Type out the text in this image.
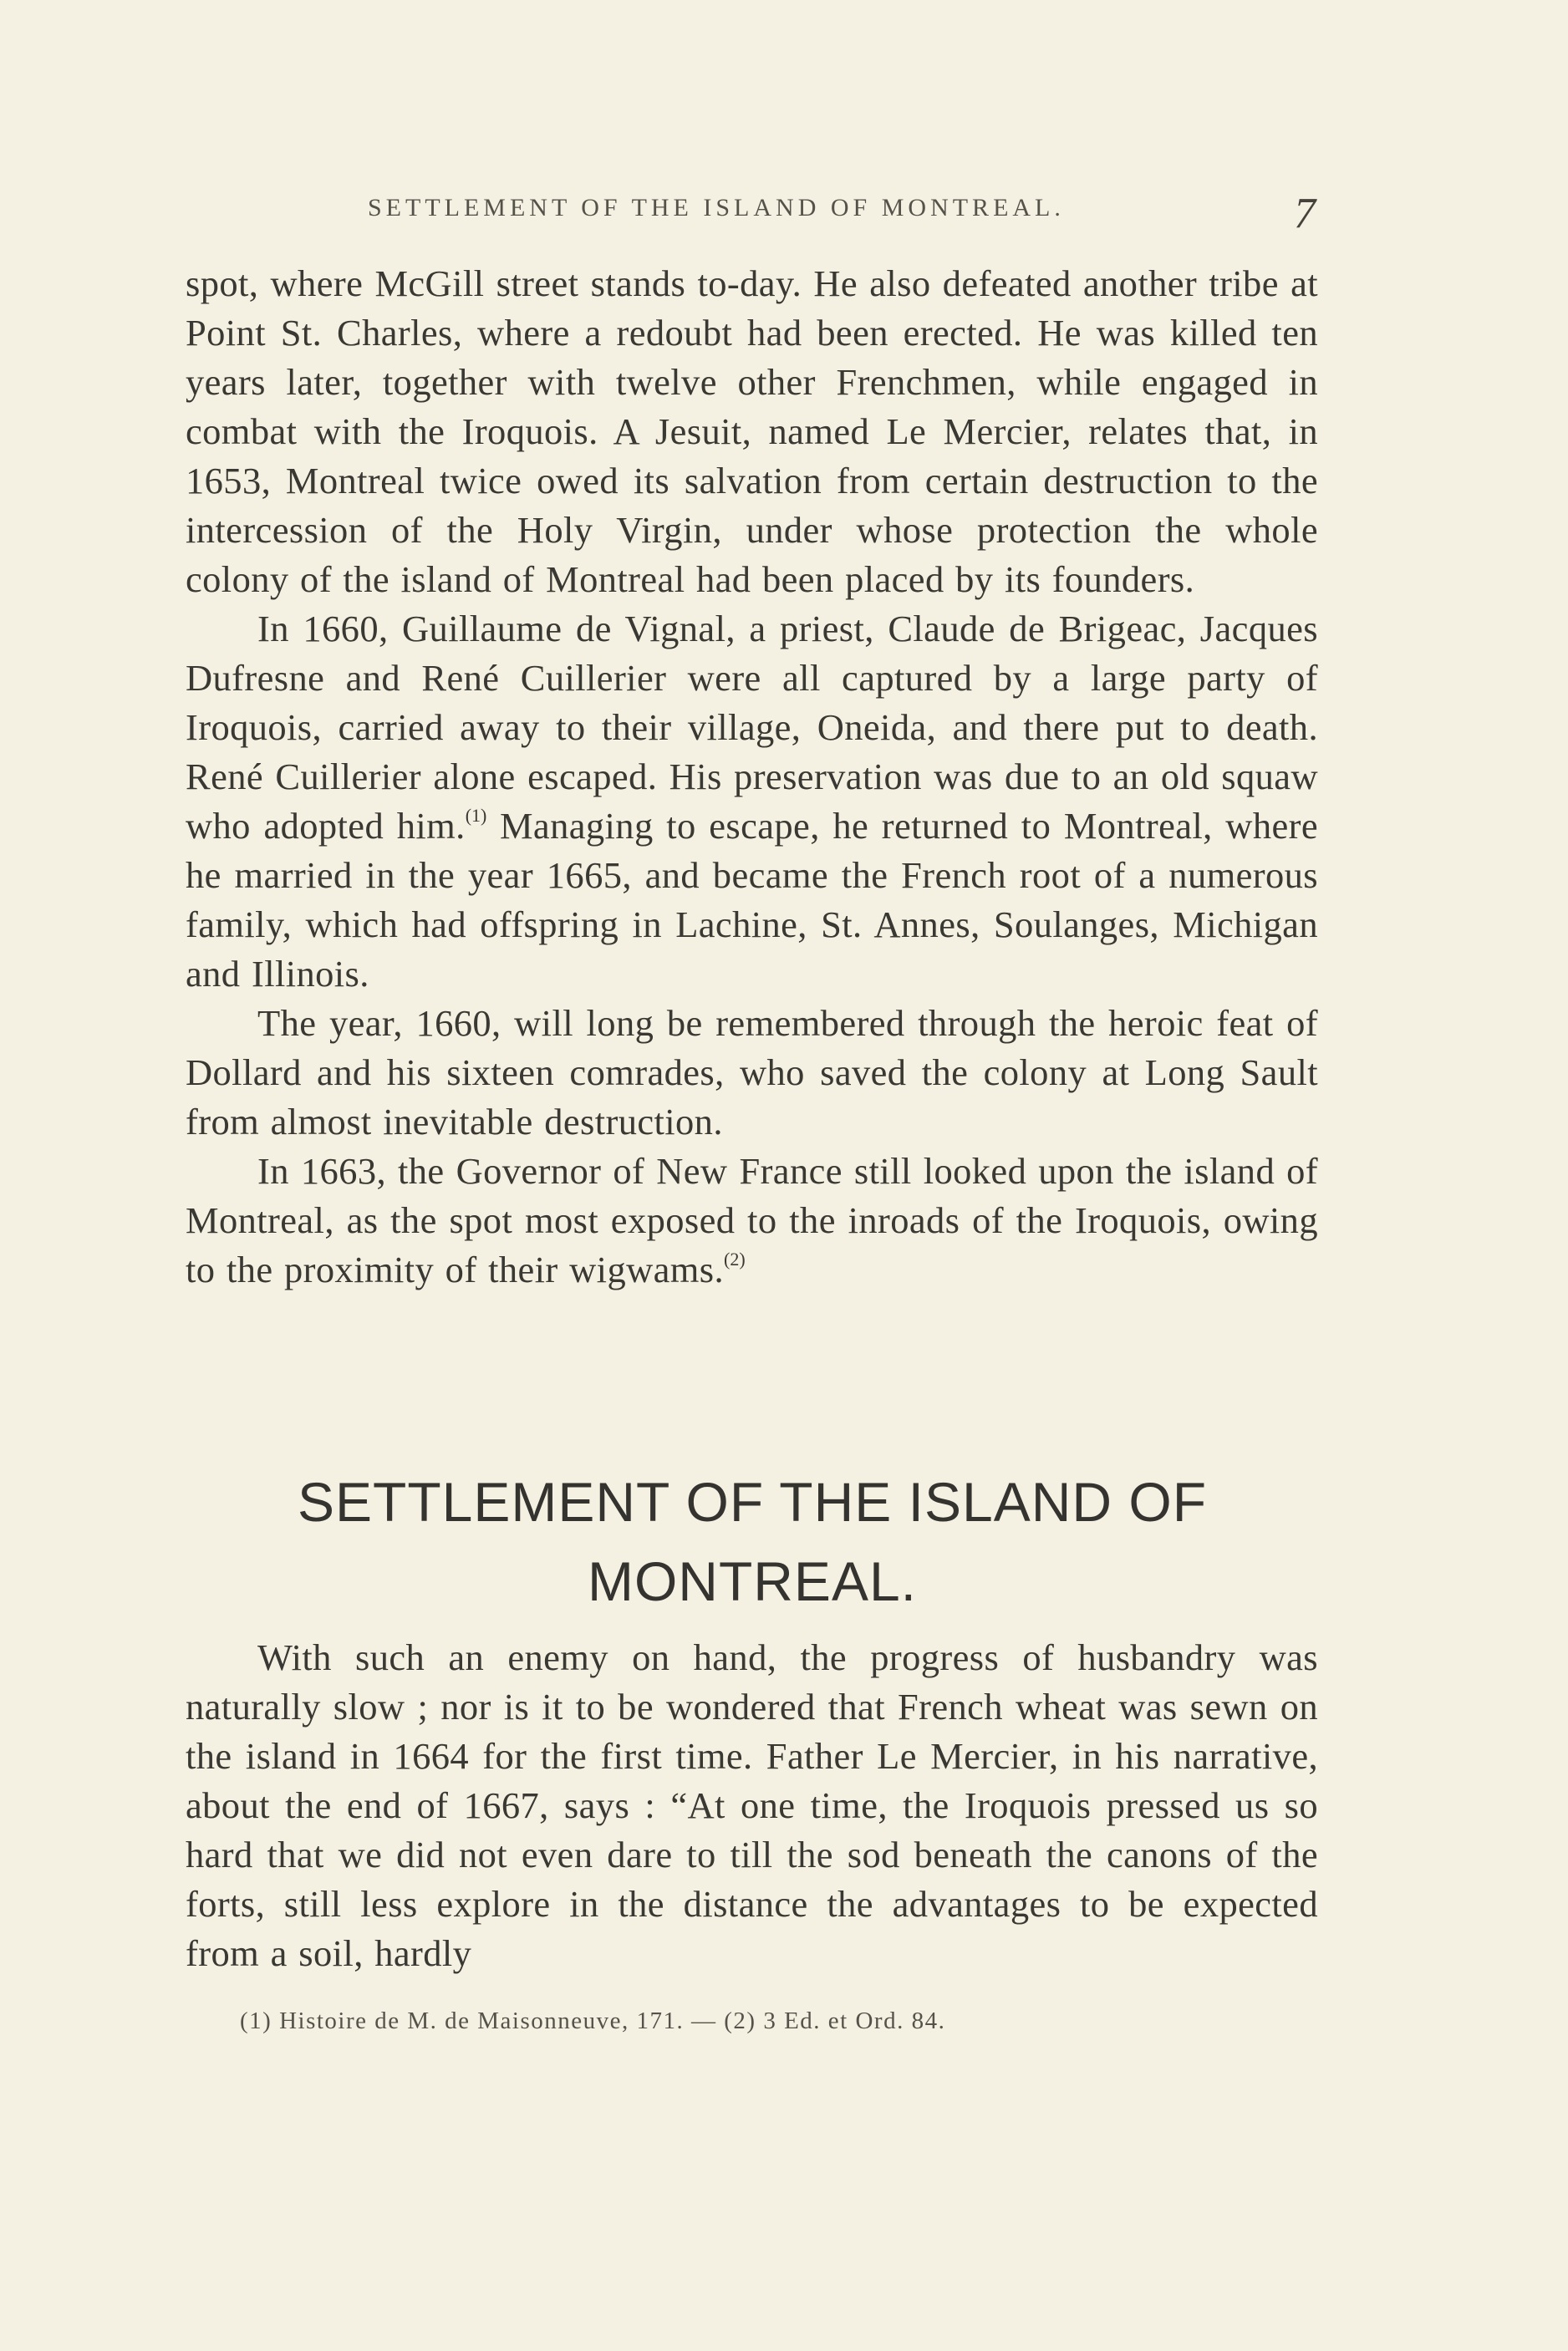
SETTLEMENT OF THE ISLAND OF MONTREAL.	7

spot, where McGill street stands to-day. He also defeated another tribe at Point St. Charles, where a redoubt had been erected. He was killed ten years later, together with twelve other Frenchmen, while engaged in combat with the Iroquois. A Jesuit, named Le Mercier, relates that, in 1653, Montreal twice owed its salvation from certain destruction to the intercession of the Holy Virgin, under whose protection the whole colony of the island of Montreal had been placed by its founders.

In 1660, Guillaume de Vignal, a priest, Claude de Brigeac, Jacques Dufresne and René Cuillerier were all captured by a large party of Iroquois, carried away to their village, Oneida, and there put to death. René Cuillerier alone escaped. His preservation was due to an old squaw who adopted him.$^{(1)}$ Managing to escape, he returned to Montreal, where he married in the year 1665, and became the French root of a numerous family, which had offspring in Lachine, St. Annes, Soulanges, Michigan and Illinois.

The year, 1660, will long be remembered through the heroic feat of Dollard and his sixteen comrades, who saved the colony at Long Sault from almost inevitable destruction.

In 1663, the Governor of New France still looked upon the island of Montreal, as the spot most exposed to the inroads of the Iroquois, owing to the proximity of their wigwams.$^{(2)}$

SETTLEMENT OF THE ISLAND OF
MONTREAL.

With such an enemy on hand, the progress of husbandry was naturally slow ; nor is it to be wondered that French wheat was sewn on the island in 1664 for the first time. Father Le Mercier, in his narrative, about the end of 1667, says : “At one time, the Iroquois pressed us so hard that we did not even dare to till the sod beneath the canons of the forts, still less explore in the distance the advantages to be expected from a soil, hardly

(1) Histoire de M. de Maisonneuve, 171. — (2) 3 Ed. et Ord. 84.
